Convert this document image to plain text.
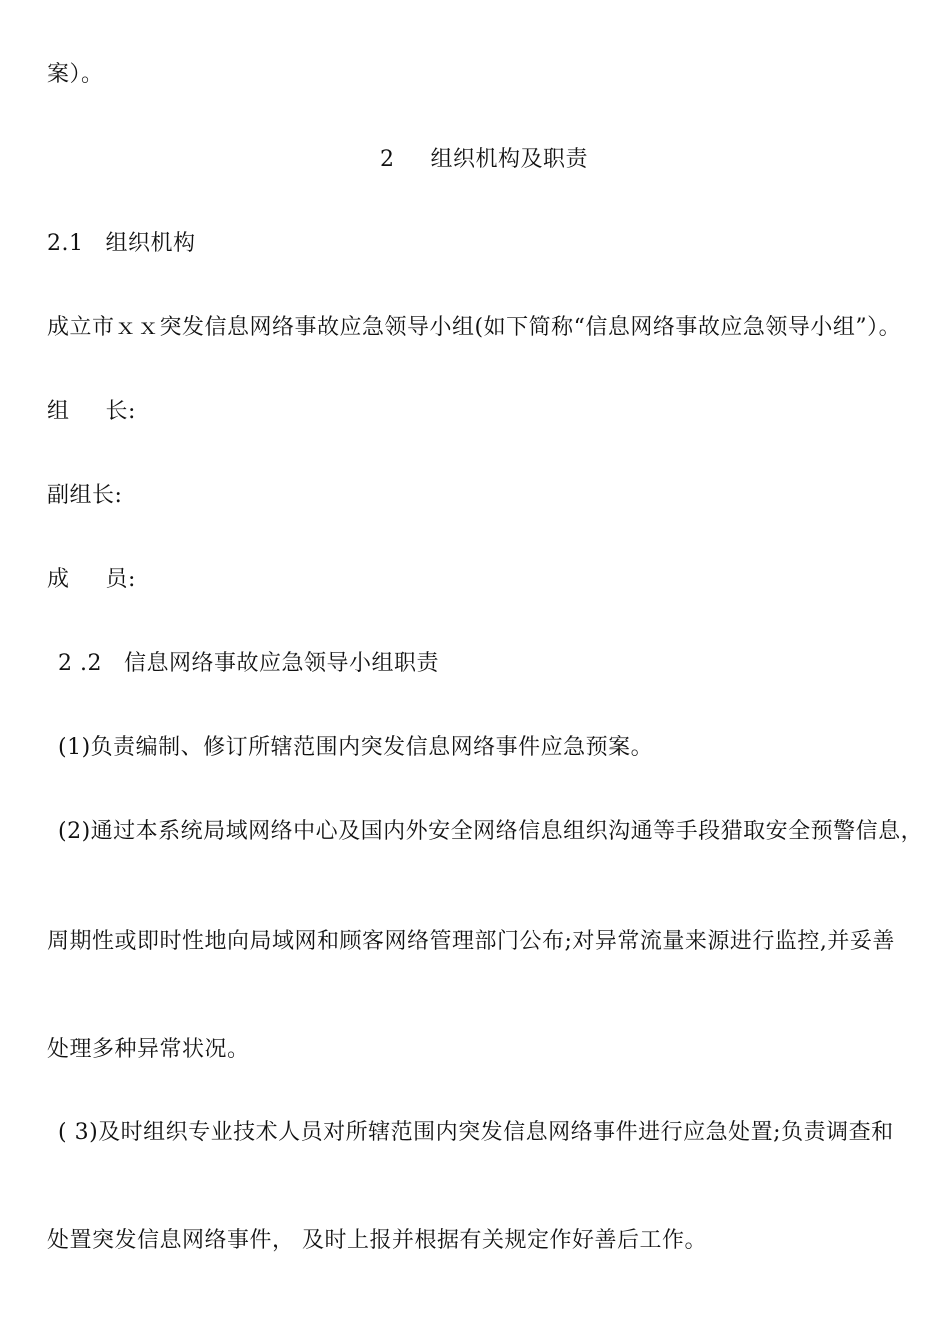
案）。
2 组织机构及职责
2.1 组织机构
成立市ｘｘ突发信息网络事故应急领导小组(如下简称“信息网络事故应急领导小组”）。
组 长:
副组长:
成 员:
2 .2 信息网络事故应急领导小组职责
(1)负责编制、修订所辖范围内突发信息网络事件应急预案。
(2)通过本系统局域网络中心及国内外安全网络信息组织沟通等手段猎取安全预警信息，
周期性或即时性地向局域网和顾客网络管理部门公布;对异常流量来源进行监控,并妥善
处理多种异常状况。
( 3)及时组织专业技术人员对所辖范围内突发信息网络事件进行应急处置;负责调查和
处置突发信息网络事件， 及时上报并根据有关规定作好善后工作。
